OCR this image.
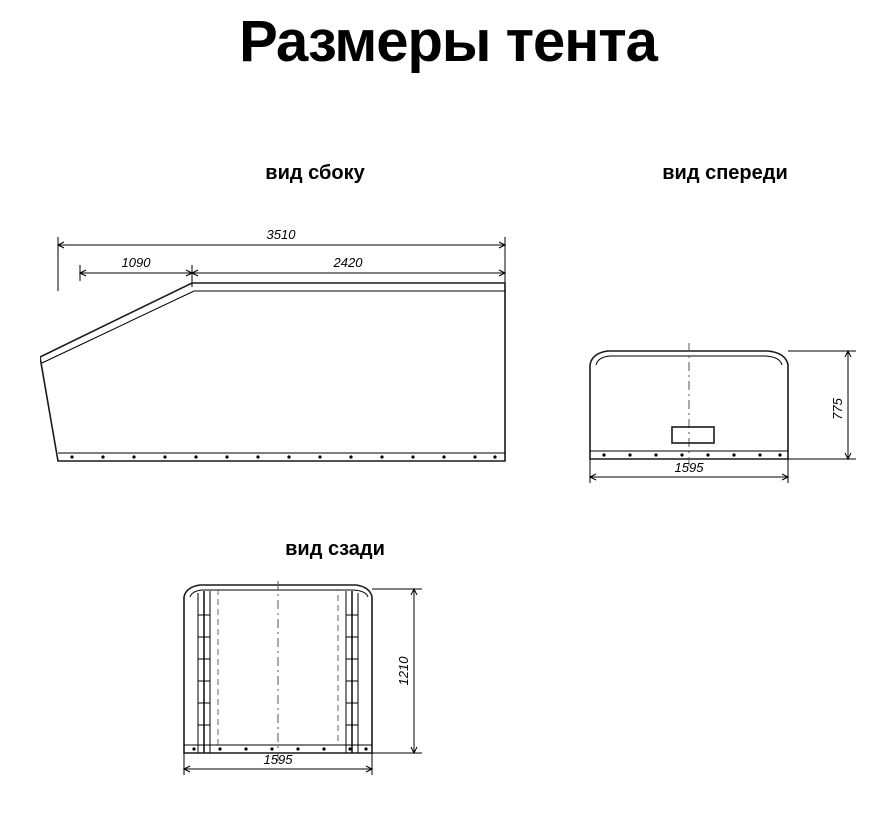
Размеры тента
вид сбоку	вид спереди
вид сзади
3510
1090	2420
775
1595
1210
1595
